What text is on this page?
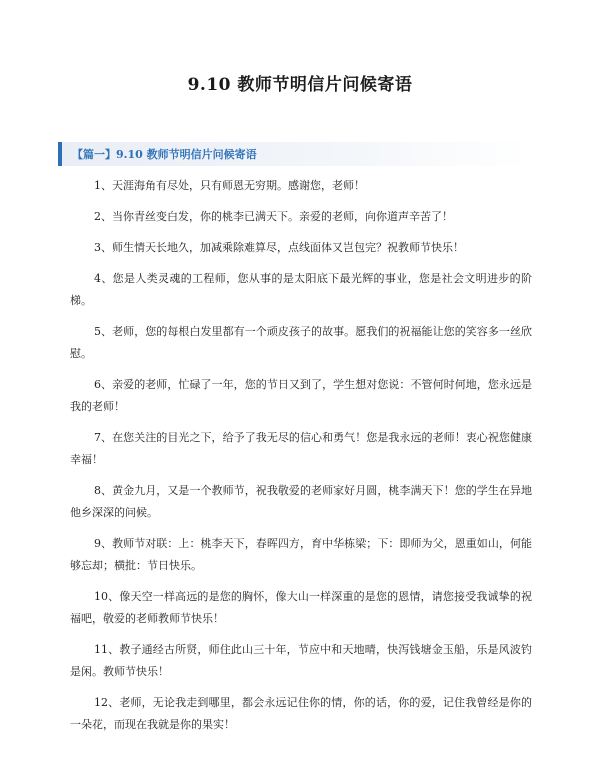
9.10 教师节明信片问候寄语
【篇一】9.10 教师节明信片问候寄语

1、天涯海角有尽处，只有师恩无穷期。感谢您，老师！

2、当你青丝变白发，你的桃李已满天下。亲爱的老师，向你道声辛苦了！

3、师生情天长地久，加减乘除难算尽，点线面体又岂包完？祝教师节快乐！

4、您是人类灵魂的工程师，您从事的是太阳底下最光辉的事业，您是社会文明进步的阶梯。

5、老师，您的每根白发里都有一个顽皮孩子的故事。愿我们的祝福能让您的笑容多一丝欣慰。

6、亲爱的老师，忙碌了一年，您的节日又到了，学生想对您说：不管何时何地，您永远是我的老师！

7、在您关注的目光之下，给予了我无尽的信心和勇气！您是我永远的老师！衷心祝您健康幸福！

8、黄金九月，又是一个教师节，祝我敬爱的老师家好月圆，桃李满天下！您的学生在异地他乡深深的问候。

9、教师节对联：上：桃李天下，春晖四方，育中华栋梁；下：即师为父，恩重如山，何能够忘却；横批：节日快乐。

10、像天空一样高远的是您的胸怀，像大山一样深重的是您的恩情，请您接受我诚挚的祝福吧，敬爱的老师教师节快乐！

11、教子通经古所贤，师住此山三十年，节应中和天地晴，快泻钱塘金玉船，乐是风波钓是闲。教师节快乐！

12、老师，无论我走到哪里，都会永远记住你的情，你的话，你的爱，记住我曾经是你的一朵花，而现在我就是你的果实！
